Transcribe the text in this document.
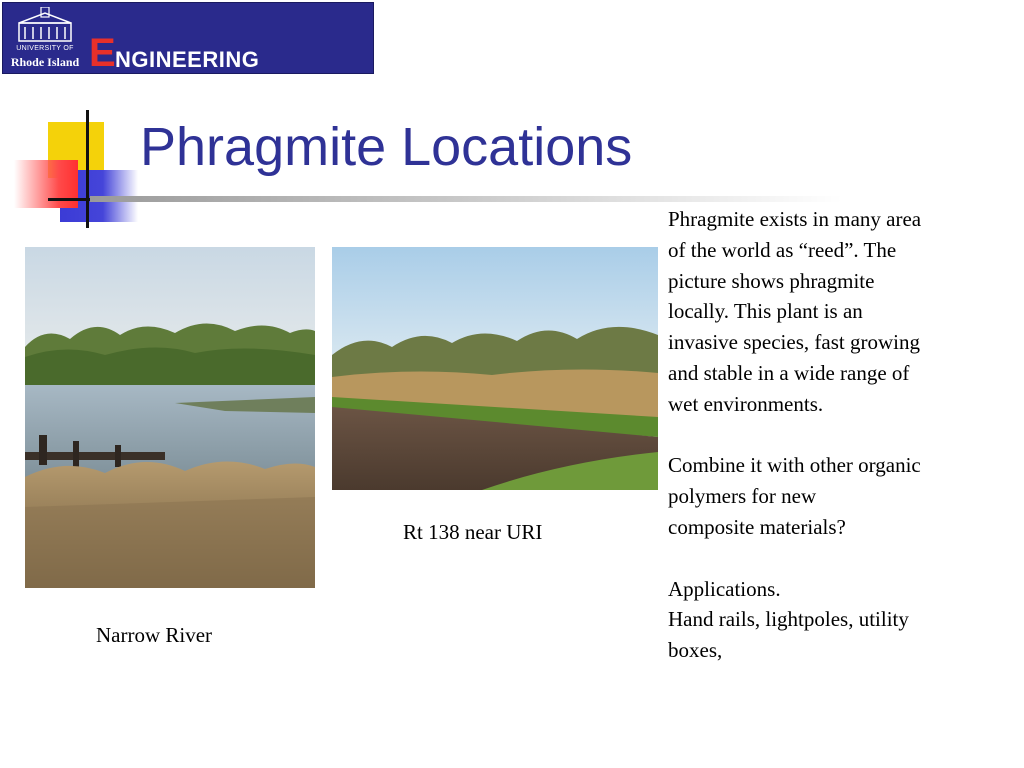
UNIVERSITY OF
Rhode Island E NGINEERING
Phragmite Locations
Narrow River
Rt 138 near URI

Phragmite exists in many area

of the world as “reed”. The

picture shows phragmite

locally. This plant is an

invasive species, fast growing

and stable in a wide range of

wet environments.

Combine it with other organic

polymers for new

composite materials?

Applications.

Hand rails, lightpoles, utility

boxes,
